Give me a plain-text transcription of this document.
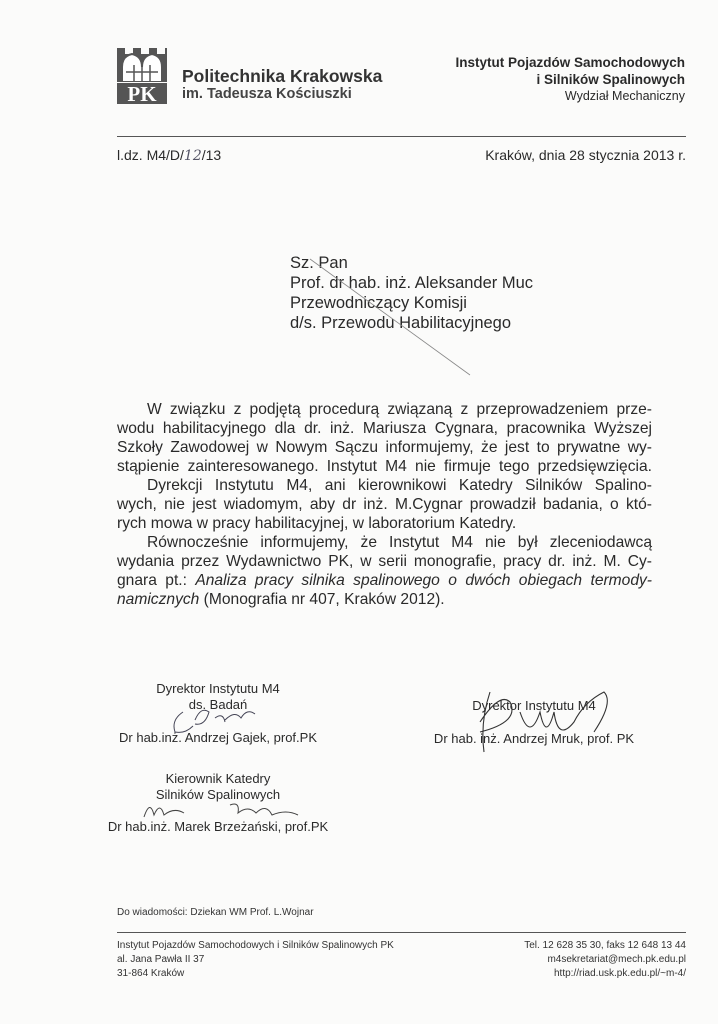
PK
Politechnika Krakowska
im. Tadeusza Kościuszki
Instytut Pojazdów Samochodowych
i Silników Spalinowych
Wydział Mechaniczny
l.dz. M4/D/12/13	Kraków, dnia 28 stycznia 2013 r.
Sz. Pan
Prof. dr hab. inż. Aleksander Muc
Przewodniczący Komisji
d/s. Przewodu Habilitacyjnego
W związku z podjętą procedurą związaną z przeprowadzeniem prze-
wodu habilitacyjnego dla dr. inż. Mariusza Cygnara, pracownika Wyższej
Szkoły Zawodowej w Nowym Sączu informujemy, że jest to prywatne wy-
stąpienie zainteresowanego. Instytut M4 nie firmuje tego przedsięwzięcia.
Dyrekcji Instytutu M4, ani kierownikowi Katedry Silników Spalino-
wych, nie jest wiadomym, aby dr inż. M.Cygnar prowadził badania, o któ-
rych mowa w pracy habilitacyjnej, w laboratorium Katedry.
Równocześnie informujemy, że Instytut M4 nie był zleceniodawcą
wydania przez Wydawnictwo PK, w serii monografie, pracy dr. inż. M. Cy-
gnara pt.: Analiza pracy silnika spalinowego o dwóch obiegach termody-
namicznych (Monografia nr 407, Kraków 2012).
Dyrektor Instytutu M4
ds. Badań
Dr hab.inż. Andrzej Gajek, prof.PK
Dyrektor Instytutu M4
Dr hab. inż. Andrzej Mruk, prof. PK
Kierownik Katedry
Silników Spalinowych
Dr hab.inż. Marek Brzeżański, prof.PK
Do wiadomości: Dziekan WM Prof. L.Wojnar
Instytut Pojazdów Samochodowych i Silników Spalinowych PK
al. Jana Pawła II 37
31-864 Kraków
Tel. 12 628 35 30, faks 12 648 13 44
m4sekretariat@mech.pk.edu.pl
http://riad.usk.pk.edu.pl/~m-4/
